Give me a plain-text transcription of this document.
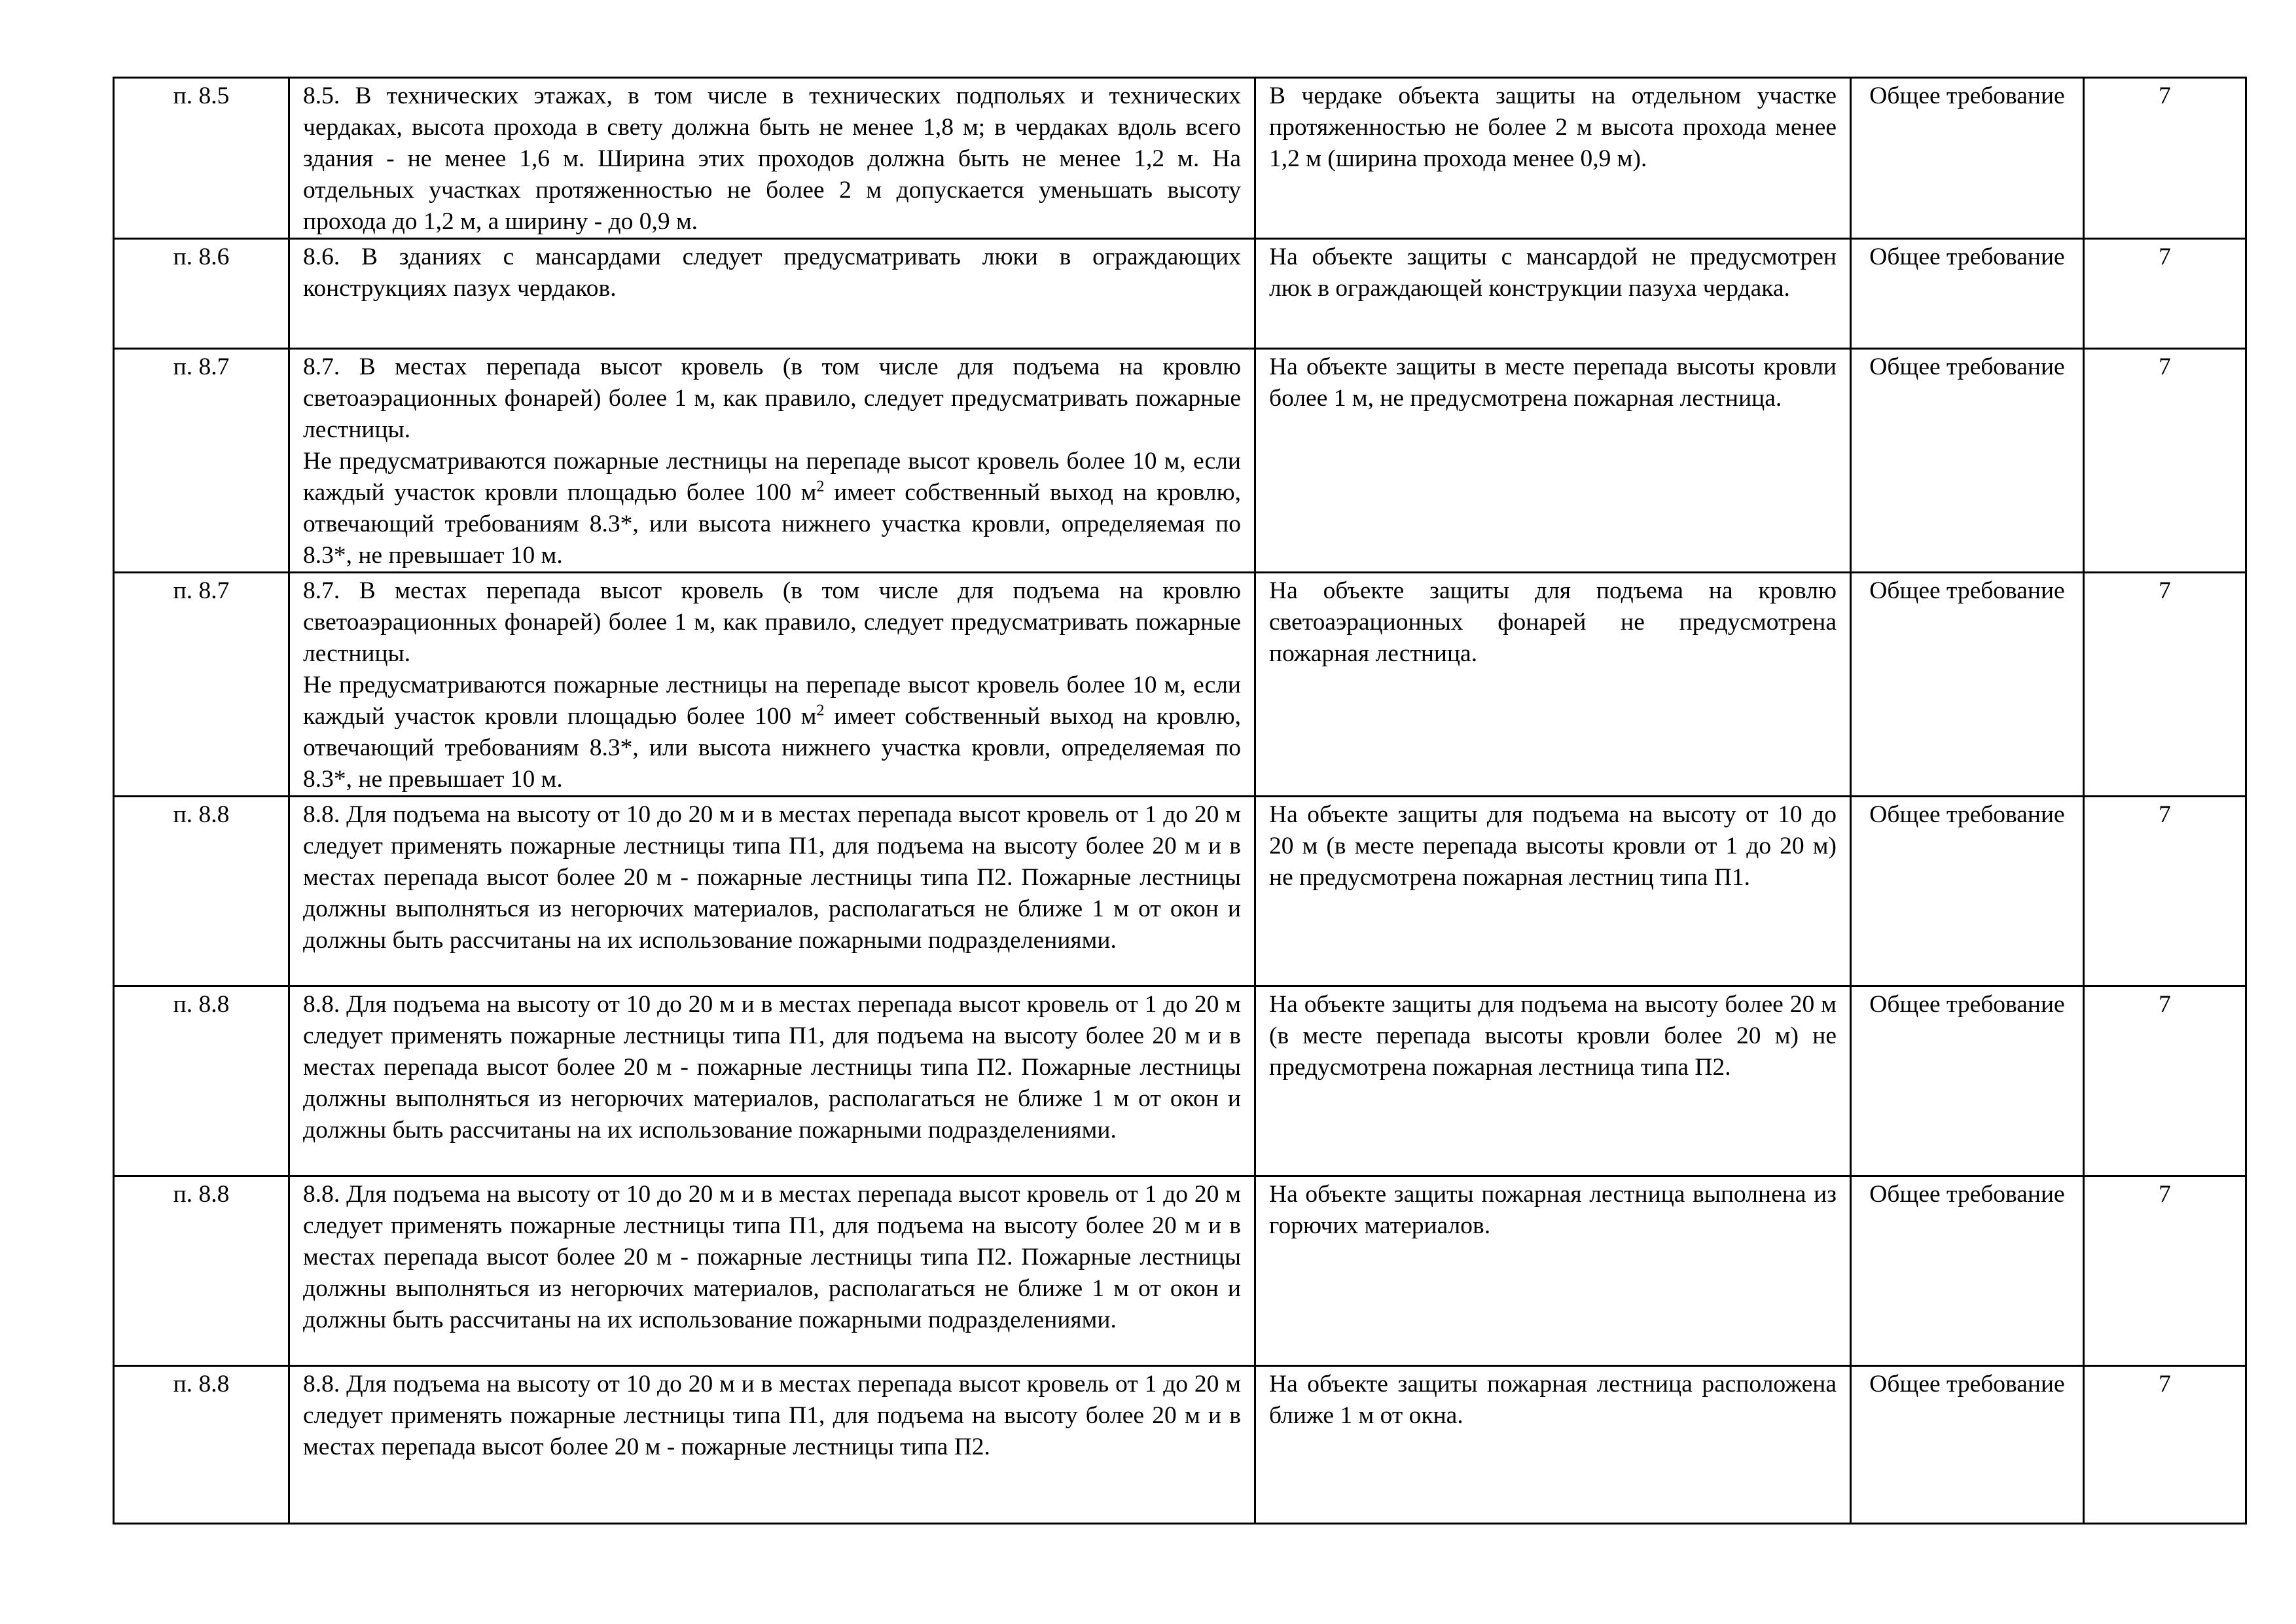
п. 8.5	8.5. В технических этажах, в том числе в технических подпольях и технических чердаках, высота прохода в свету должна быть не менее 1,8 м; в чердаках вдоль всего здания - не менее 1,6 м. Ширина этих проходов должна быть не менее 1,2 м. На отдельных участках протяженностью не более 2 м допускается уменьшать высоту прохода до 1,2 м, а ширину - до 0,9 м.	В чердаке объекта защиты на отдельном участке протяженностью не более 2 м высота прохода менее 1,2 м (ширина прохода менее 0,9 м).	Общее требование	7

п. 8.6	8.6. В зданиях с мансардами следует предусматривать люки в ограждающих конструкциях пазух чердаков.	На объекте защиты с мансардой не предусмотрен люк в ограждающей конструкции пазуха чердака.	Общее требование	7

п. 8.7	8.7. В местах перепада высот кровель (в том числе для подъема на кровлю светоаэрационных фонарей) более 1 м, как правило, следует предусматривать пожарные лестницы.
Не предусматриваются пожарные лестницы на перепаде высот кровель более 10 м, если каждый участок кровли площадью более 100 $м^2$ имеет собственный выход на кровлю, отвечающий требованиям 8.3*, или высота нижнего участка кровли, определяемая по 8.3*, не превышает 10 м.	На объекте защиты в месте перепада высоты кровли более 1 м, не предусмотрена пожарная лестница.	Общее требование	7

п. 8.7	8.7. В местах перепада высот кровель (в том числе для подъема на кровлю светоаэрационных фонарей) более 1 м, как правило, следует предусматривать пожарные лестницы.
Не предусматриваются пожарные лестницы на перепаде высот кровель более 10 м, если каждый участок кровли площадью более 100 $м^2$ имеет собственный выход на кровлю, отвечающий требованиям 8.3*, или высота нижнего участка кровли, определяемая по 8.3*, не превышает 10 м.	На объекте защиты для подъема на кровлю светоаэрационных фонарей не предусмотрена пожарная лестница.	Общее требование	7

п. 8.8	8.8. Для подъема на высоту от 10 до 20 м и в местах перепада высот кровель от 1 до 20 м следует применять пожарные лестницы типа П1, для подъема на высоту более 20 м и в местах перепада высот более 20 м - пожарные лестницы типа П2. Пожарные лестницы должны выполняться из негорючих материалов, располагаться не ближе 1 м от окон и должны быть рассчитаны на их использование пожарными подразделениями.	На объекте защиты для подъема на высоту от 10 до 20 м (в месте перепада высоты кровли от 1 до 20 м) не предусмотрена пожарная лестниц типа П1.	Общее требование	7

п. 8.8	8.8. Для подъема на высоту от 10 до 20 м и в местах перепада высот кровель от 1 до 20 м следует применять пожарные лестницы типа П1, для подъема на высоту более 20 м и в местах перепада высот более 20 м - пожарные лестницы типа П2. Пожарные лестницы должны выполняться из негорючих материалов, располагаться не ближе 1 м от окон и должны быть рассчитаны на их использование пожарными подразделениями.	На объекте защиты для подъема на высоту более 20 м (в месте перепада высоты кровли более 20 м) не предусмотрена пожарная лестница типа П2.	Общее требование	7

п. 8.8	8.8. Для подъема на высоту от 10 до 20 м и в местах перепада высот кровель от 1 до 20 м следует применять пожарные лестницы типа П1, для подъема на высоту более 20 м и в местах перепада высот более 20 м - пожарные лестницы типа П2. Пожарные лестницы должны выполняться из негорючих материалов, располагаться не ближе 1 м от окон и должны быть рассчитаны на их использование пожарными подразделениями.	На объекте защиты пожарная лестница выполнена из горючих материалов.	Общее требование	7

п. 8.8	8.8. Для подъема на высоту от 10 до 20 м и в местах перепада высот кровель от 1 до 20 м следует применять пожарные лестницы типа П1, для подъема на высоту более 20 м и в местах перепада высот более 20 м - пожарные лестницы типа П2.	На объекте защиты пожарная лестница расположена ближе 1 м от окна.	Общее требование	7
